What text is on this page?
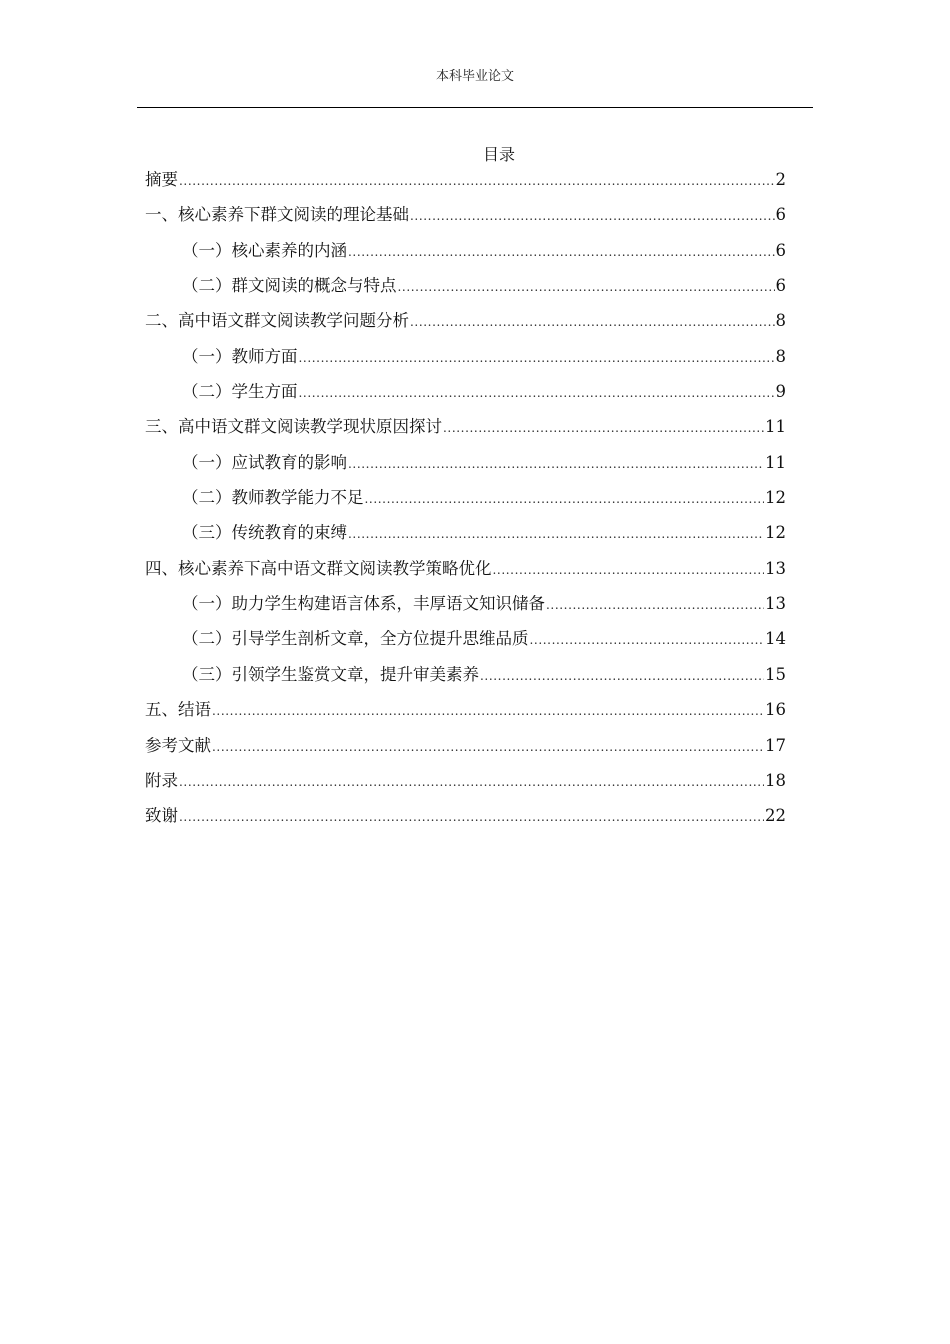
本科毕业论文
目录
摘要 .....	2
一、核心素养下群文阅读的理论基础 .....	6
（一）核心素养的内涵 .....	6
（二）群文阅读的概念与特点 .....	6
二、高中语文群文阅读教学问题分析 .....	8
（一）教师方面 .....	8
（二）学生方面 .....	9
三、高中语文群文阅读教学现状原因探讨 .....	11
（一）应试教育的影响 .....	11
（二）教师教学能力不足 .....	12
（三）传统教育的束缚 .....	12
四、核心素养下高中语文群文阅读教学策略优化 .....	13
（一）助力学生构建语言体系，丰厚语文知识储备 .....	13
（二）引导学生剖析文章，全方位提升思维品质 .....	14
（三）引领学生鉴赏文章，提升审美素养 .....	15
五、结语 .....	16
参考文献 .....	17
附录 .....	18
致谢 .....	22
